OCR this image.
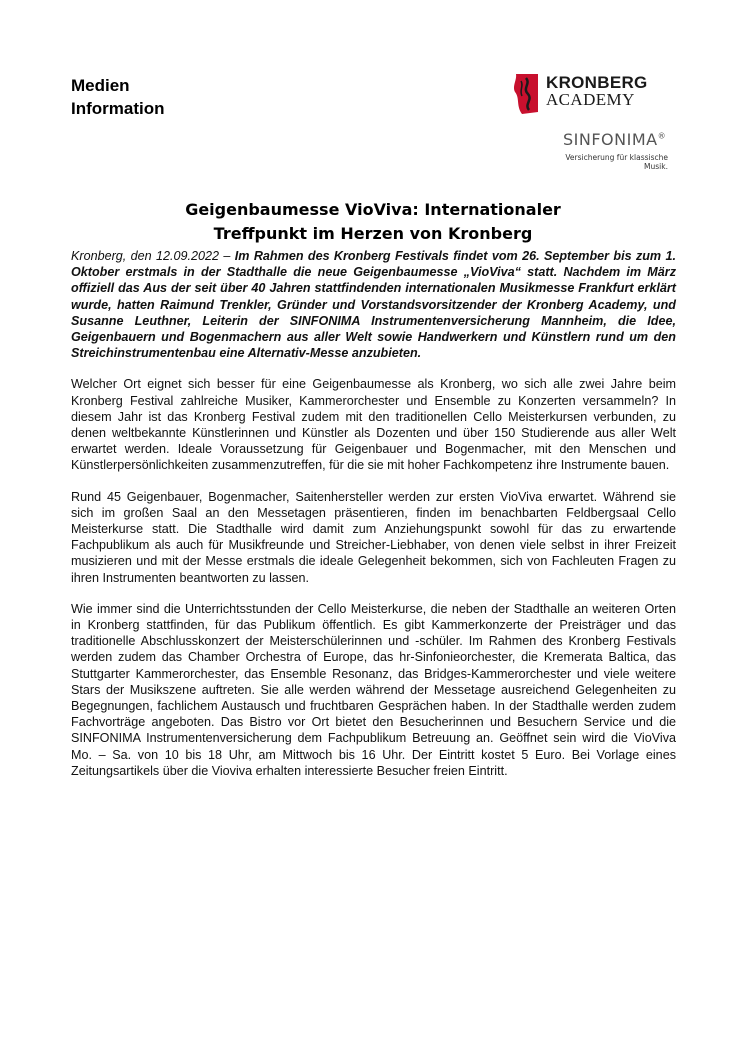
Medien
Information
KRONBERG
ACADEMY
SINFONIMA®
Versicherung für klassische Musik.
Geigenbaumesse VioViva: Internationaler
Treffpunkt im Herzen von Kronberg

Kronberg, den 12.09.2022 – Im Rahmen des Kronberg Festivals findet vom 26. September bis zum 1. Oktober erstmals in der Stadthalle die neue Geigenbaumesse „VioViva“ statt. Nachdem im März offiziell das Aus der seit über 40 Jahren stattfindenden internationalen Musikmesse Frankfurt erklärt wurde, hatten Raimund Trenkler, Gründer und Vorstandsvorsitzender der Kronberg Academy, und Susanne Leuthner, Leiterin der SINFONIMA Instrumentenversicherung Mannheim, die Idee, Geigenbauern und Bogenmachern aus aller Welt sowie Handwerkern und Künstlern rund um den Streichinstrumentenbau eine Alternativ-Messe anzubieten.

Welcher Ort eignet sich besser für eine Geigenbaumesse als Kronberg, wo sich alle zwei Jahre beim Kronberg Festival zahlreiche Musiker, Kammerorchester und Ensemble zu Konzerten versammeln? In diesem Jahr ist das Kronberg Festival zudem mit den traditionellen Cello Meisterkursen verbunden, zu denen weltbekannte Künstlerinnen und Künstler als Dozenten und über 150 Studierende aus aller Welt erwartet werden. Ideale Voraussetzung für Geigenbauer und Bogenmacher, mit den Menschen und Künstlerpersönlichkeiten zusammenzutreffen, für die sie mit hoher Fachkompetenz ihre Instrumente bauen.

Rund 45 Geigenbauer, Bogenmacher, Saitenhersteller werden zur ersten VioViva erwartet. Während sie sich im großen Saal an den Messetagen präsentieren, finden im benachbarten Feldbergsaal Cello Meisterkurse statt. Die Stadthalle wird damit zum Anziehungspunkt sowohl für das zu erwartende Fachpublikum als auch für Musikfreunde und Streicher-Liebhaber, von denen viele selbst in ihrer Freizeit musizieren und mit der Messe erstmals die ideale Gelegenheit bekommen, sich von Fachleuten Fragen zu ihren Instrumenten beantworten zu lassen.

Wie immer sind die Unterrichtsstunden der Cello Meisterkurse, die neben der Stadthalle an weiteren Orten in Kronberg stattfinden, für das Publikum öffentlich. Es gibt Kammerkonzerte der Preisträger und das traditionelle Abschlusskonzert der Meisterschülerinnen und -schüler. Im Rahmen des Kronberg Festivals werden zudem das Chamber Orchestra of Europe, das hr-Sinfonieorchester, die Kremerata Baltica, das Stuttgarter Kammerorchester, das Ensemble Resonanz, das Bridges-Kammerorchester und viele weitere Stars der Musikszene auftreten. Sie alle werden während der Messetage ausreichend Gelegenheiten zu Begegnungen, fachlichem Austausch und fruchtbaren Gesprächen haben. In der Stadthalle werden zudem Fachvorträge angeboten. Das Bistro vor Ort bietet den Besucherinnen und Besuchern Service und die SINFONIMA Instrumentenversicherung dem Fachpublikum Betreuung an. Geöffnet sein wird die VioViva Mo. – Sa. von 10 bis 18 Uhr, am Mittwoch bis 16 Uhr. Der Eintritt kostet 5 Euro. Bei Vorlage eines Zeitungsartikels über die Vioviva erhalten interessierte Besucher freien Eintritt.
